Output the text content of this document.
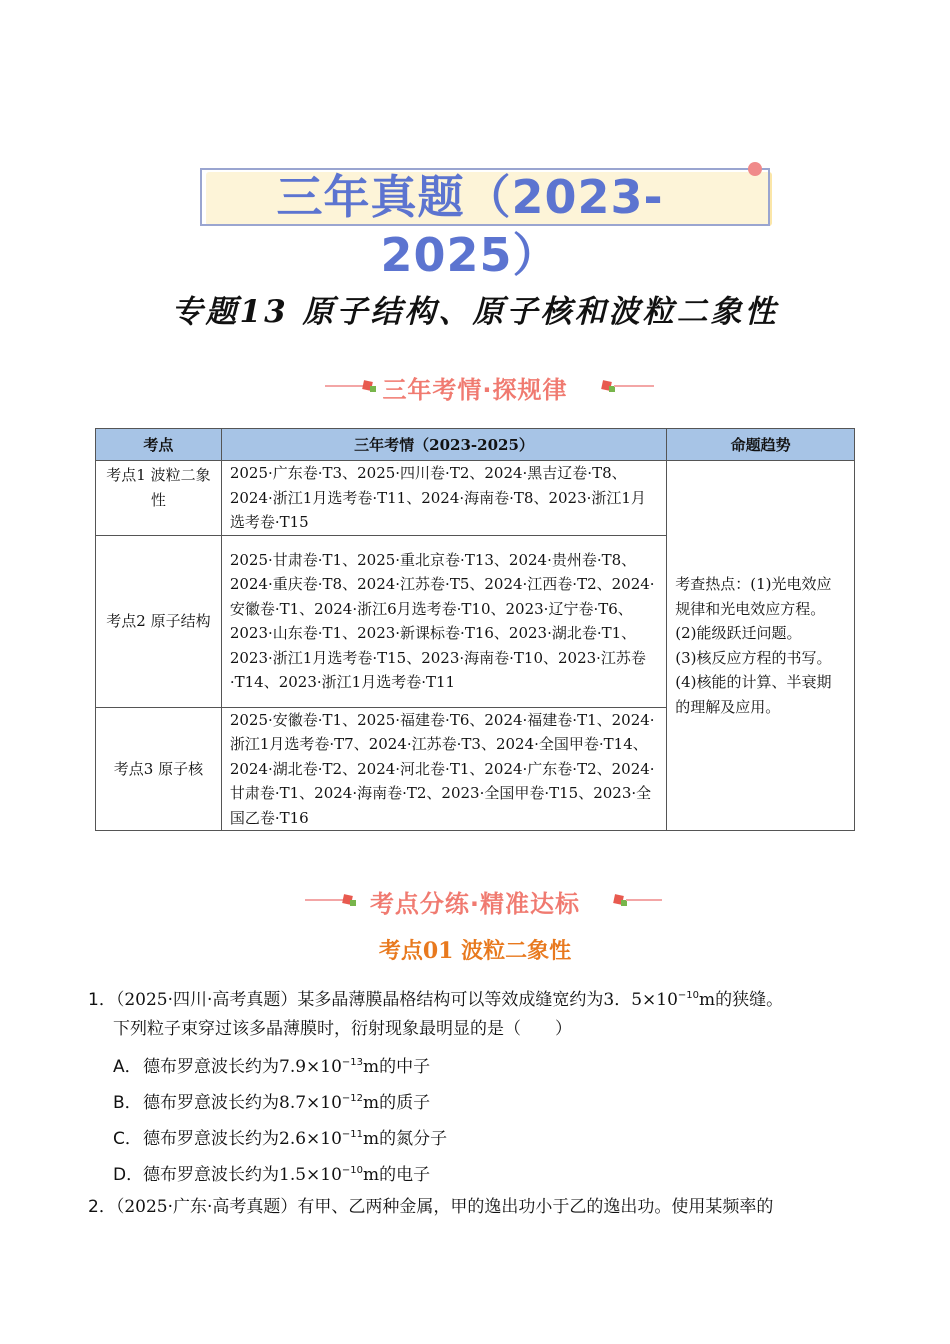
三年真题（2023-2025）
专题13 原子结构、原子核和波粒二象性
三年考情·探规律
考点	三年考情（2023-2025）	命题趋势
考点1 波粒二象性	2025·广东卷·T3、2025·四川卷·T2、2024·黑吉辽卷·T8、2024·浙江1月选考卷·T11、2024·海南卷·T8、2023·浙江1月选考卷·T15	考查热点：(1)光电效应规律和光电效应方程。
(2)能级跃迁问题。
(3)核反应方程的书写。
(4)核能的计算、半衰期的理解及应用。

考点2 原子结构	2025·甘肃卷·T1、2025·重北京卷·T13、2024·贵州卷·T8、2024·重庆卷·T8、2024·江苏卷·T5、2024·江西卷·T2、2024·安徽卷·T1、2024·浙江6月选考卷·T10、2023·辽宁卷·T6、2023·山东卷·T1、2023·新课标卷·T16、2023·湖北卷·T1、2023·浙江1月选考卷·T15、2023·海南卷·T10、2023·江苏卷·T14、2023·浙江1月选考卷·T11	
考点3 原子核	2025·安徽卷·T1、2025·福建卷·T6、2024·福建卷·T1、2024·浙江1月选考卷·T7、2024·江苏卷·T3、2024·全国甲卷·T14、2024·湖北卷·T2、2024·河北卷·T1、2024·广东卷·T2、2024·甘肃卷·T1、2024·海南卷·T2、2023·全国甲卷·T15、2023·全国乙卷·T16	
考点分练·精准达标
考点01 波粒二象性
1．（2025·四川·高考真题）某多晶薄膜晶格结构可以等效成缝宽约为3．$5\times 10^{-10}m$的狭缝。
下列粒子束穿过该多晶薄膜时，衍射现象最明显的是（　　）
A．德布罗意波长约为$7.9\times 10^{-13}m$的中子
B．德布罗意波长约为$8.7\times 10^{-12}m$的质子
C．德布罗意波长约为$2.6\times 10^{-11}m$的氮分子
D．德布罗意波长约为$1.5\times 10^{-10}m$的电子
2．（2025·广东·高考真题）有甲、乙两种金属，甲的逸出功小于乙的逸出功。使用某频率的
